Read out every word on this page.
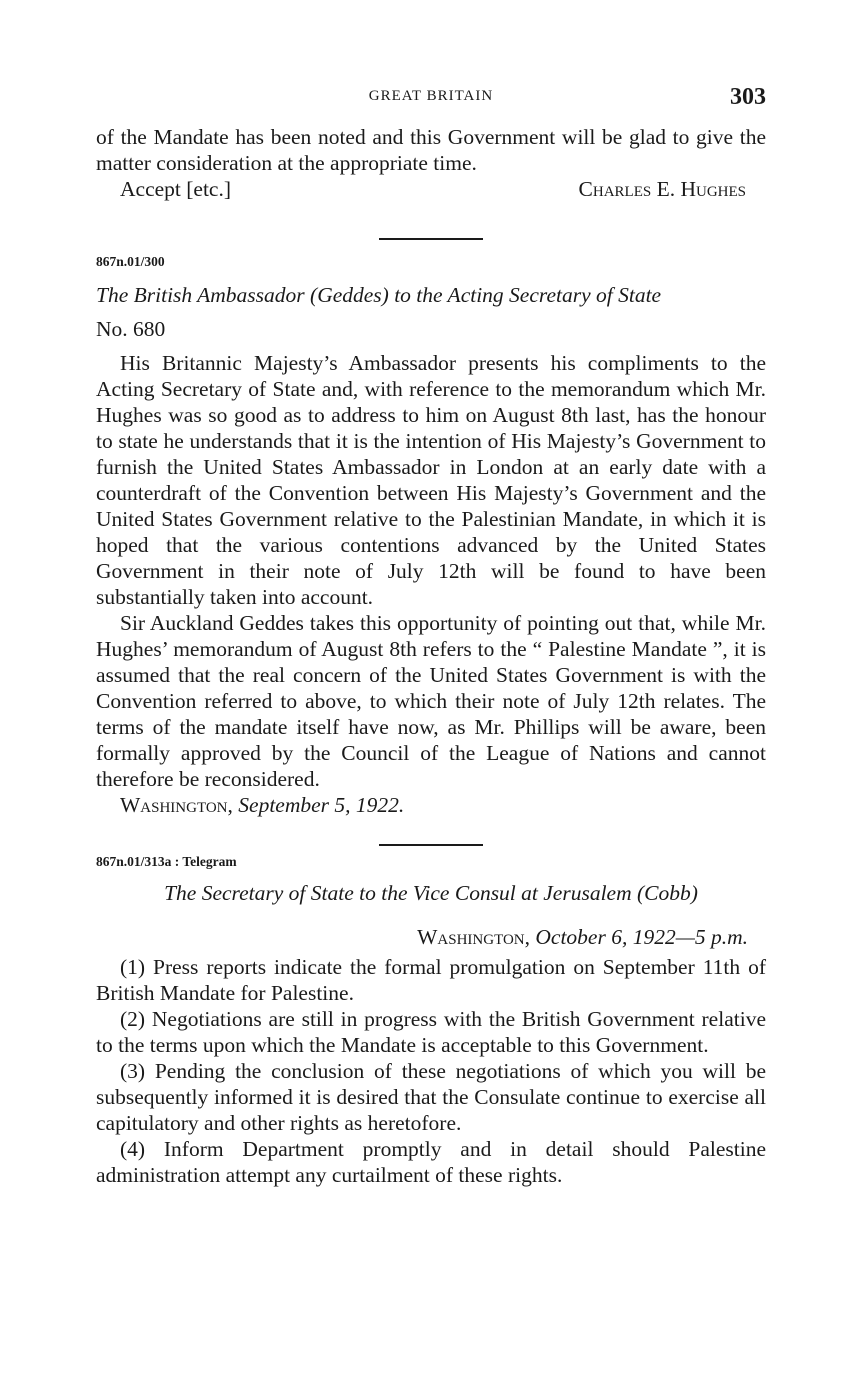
GREAT BRITAIN	303

of the Mandate has been noted and this Government will be glad to give the matter consideration at the appropriate time.

Accept [etc.]	Charles E. Hughes
867n.01/300
The British Ambassador (Geddes) to the Acting Secretary of State

No. 680

His Britannic Majesty’s Ambassador presents his compliments to the Acting Secretary of State and, with reference to the memorandum which Mr. Hughes was so good as to address to him on August 8th last, has the honour to state he understands that it is the intention of His Majesty’s Government to furnish the United States Ambassador in London at an early date with a counterdraft of the Convention between His Majesty’s Government and the United States Government relative to the Palestinian Mandate, in which it is hoped that the various contentions advanced by the United States Government in their note of July 12th will be found to have been substantially taken into account.

Sir Auckland Geddes takes this opportunity of pointing out that, while Mr. Hughes’ memorandum of August 8th refers to the “ Palestine Mandate ”, it is assumed that the real concern of the United States Government is with the Convention referred to above, to which their note of July 12th relates. The terms of the mandate itself have now, as Mr. Phillips will be aware, been formally approved by the Council of the League of Nations and cannot therefore be reconsidered.

Washington, September 5, 1922.

867n.01/313a : Telegram
The Secretary of State to the Vice Consul at Jerusalem (Cobb)

Washington, October 6, 1922—5 p.m.

(1) Press reports indicate the formal promulgation on September 11th of British Mandate for Palestine.

(2) Negotiations are still in progress with the British Government relative to the terms upon which the Mandate is acceptable to this Government.

(3) Pending the conclusion of these negotiations of which you will be subsequently informed it is desired that the Consulate continue to exercise all capitulatory and other rights as heretofore.

(4) Inform Department promptly and in detail should Palestine administration attempt any curtailment of these rights.
